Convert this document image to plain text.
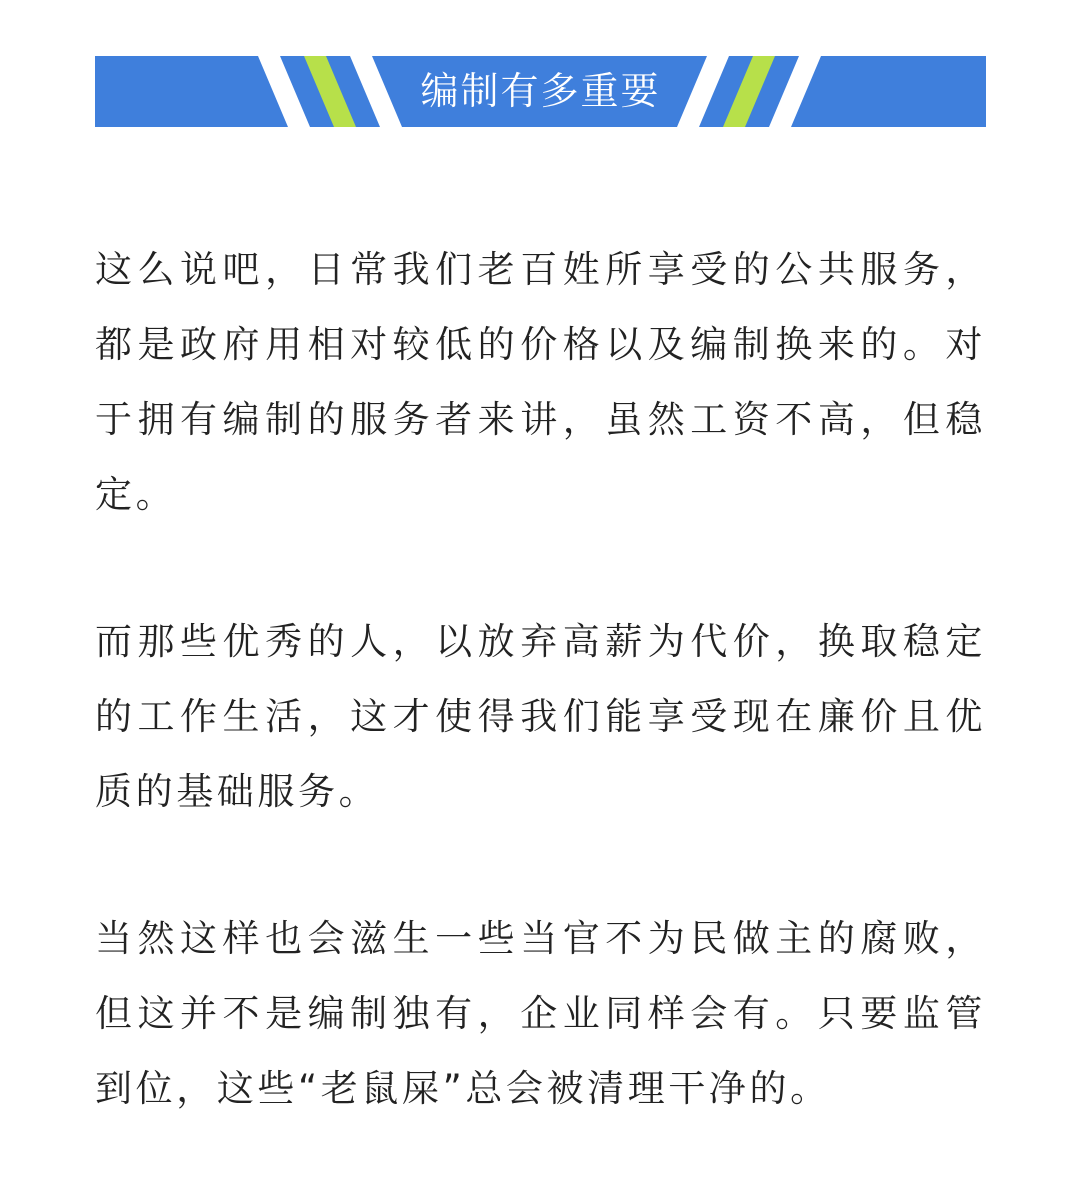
编制有多重要

这么说吧，日常我们老百姓所享受的公共服务，都是政府用相对较低的价格以及编制换来的。对于拥有编制的服务者来讲，虽然工资不高，但稳定。

而那些优秀的人，以放弃高薪为代价，换取稳定的工作生活，这才使得我们能享受现在廉价且优质的基础服务。

当然这样也会滋生一些当官不为民做主的腐败，但这并不是编制独有，企业同样会有。只要监管到位，这些“老鼠屎”总会被清理干净的。
